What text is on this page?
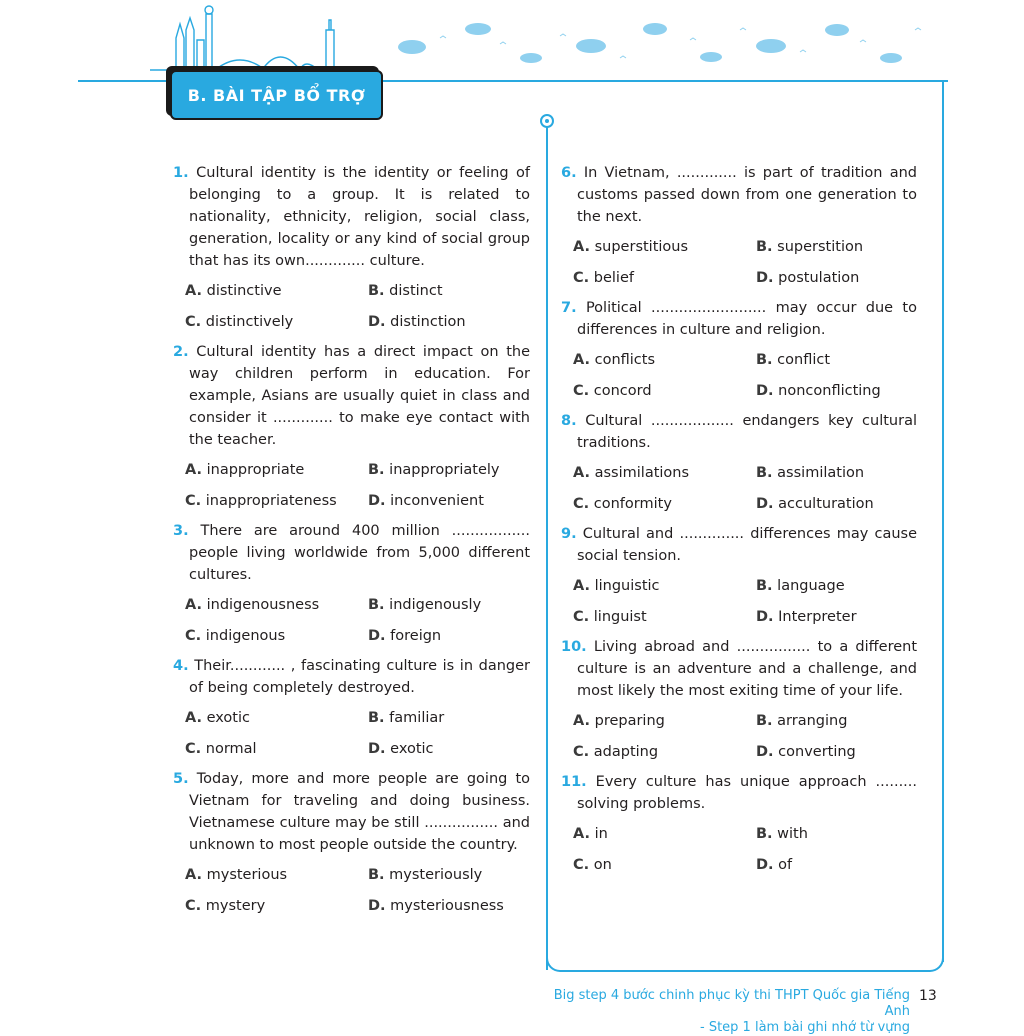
B. BÀI TẬP BỔ TRỢ
1. Cultural identity is the identity or feeling of belonging to a group. It is related to nationality, ethnicity, religion, social class, generation, locality or any kind of social group that has its own............. culture.
A. distinctive	B. distinct
C. distinctively	D. distinction
2. Cultural identity has a direct impact on the way children perform in education. For example, Asians are usually quiet in class and consider it ............. to make eye contact with the teacher.
A. inappropriate	B. inappropriately
C. inappropriateness	D. inconvenient
3. There are around 400 million ................. people living worldwide from 5,000 different cultures.
A. indigenousness	B. indigenously
C. indigenous	D. foreign
4. Their............ , fascinating culture is in danger of being completely destroyed.
A. exotic	B. familiar
C. normal	D. exotic
5. Today, more and more people are going to Vietnam for traveling and doing business. Vietnamese culture may be still ................ and unknown to most people outside the country.
A. mysterious	B. mysteriously
C. mystery	D. mysteriousness
6. In Vietnam, ............. is part of tradition and customs passed down from one generation to the next.
A. superstitious	B. superstition
C. belief	D. postulation
7. Political ......................... may occur due to differences in culture and religion.
A. conflicts	B. conflict
C. concord	D. nonconflicting
8. Cultural .................. endangers key cultural traditions.
A. assimilations	B. assimilation
C. conformity	D. acculturation
9. Cultural and .............. differences may cause social tension.
A. linguistic	B. language
C. linguist	D. Interpreter
10. Living abroad and ................ to a different culture is an adventure and a challenge, and most likely the most exiting time of your life.
A. preparing	B. arranging
C. adapting	D. converting
11. Every culture has unique approach ......... solving problems.
A. in	B. with
C. on	D. of
Big step 4 bước chinh phục kỳ thi THPT Quốc gia Tiếng Anh
- Step 1 làm bài ghi nhớ từ vựng
13
